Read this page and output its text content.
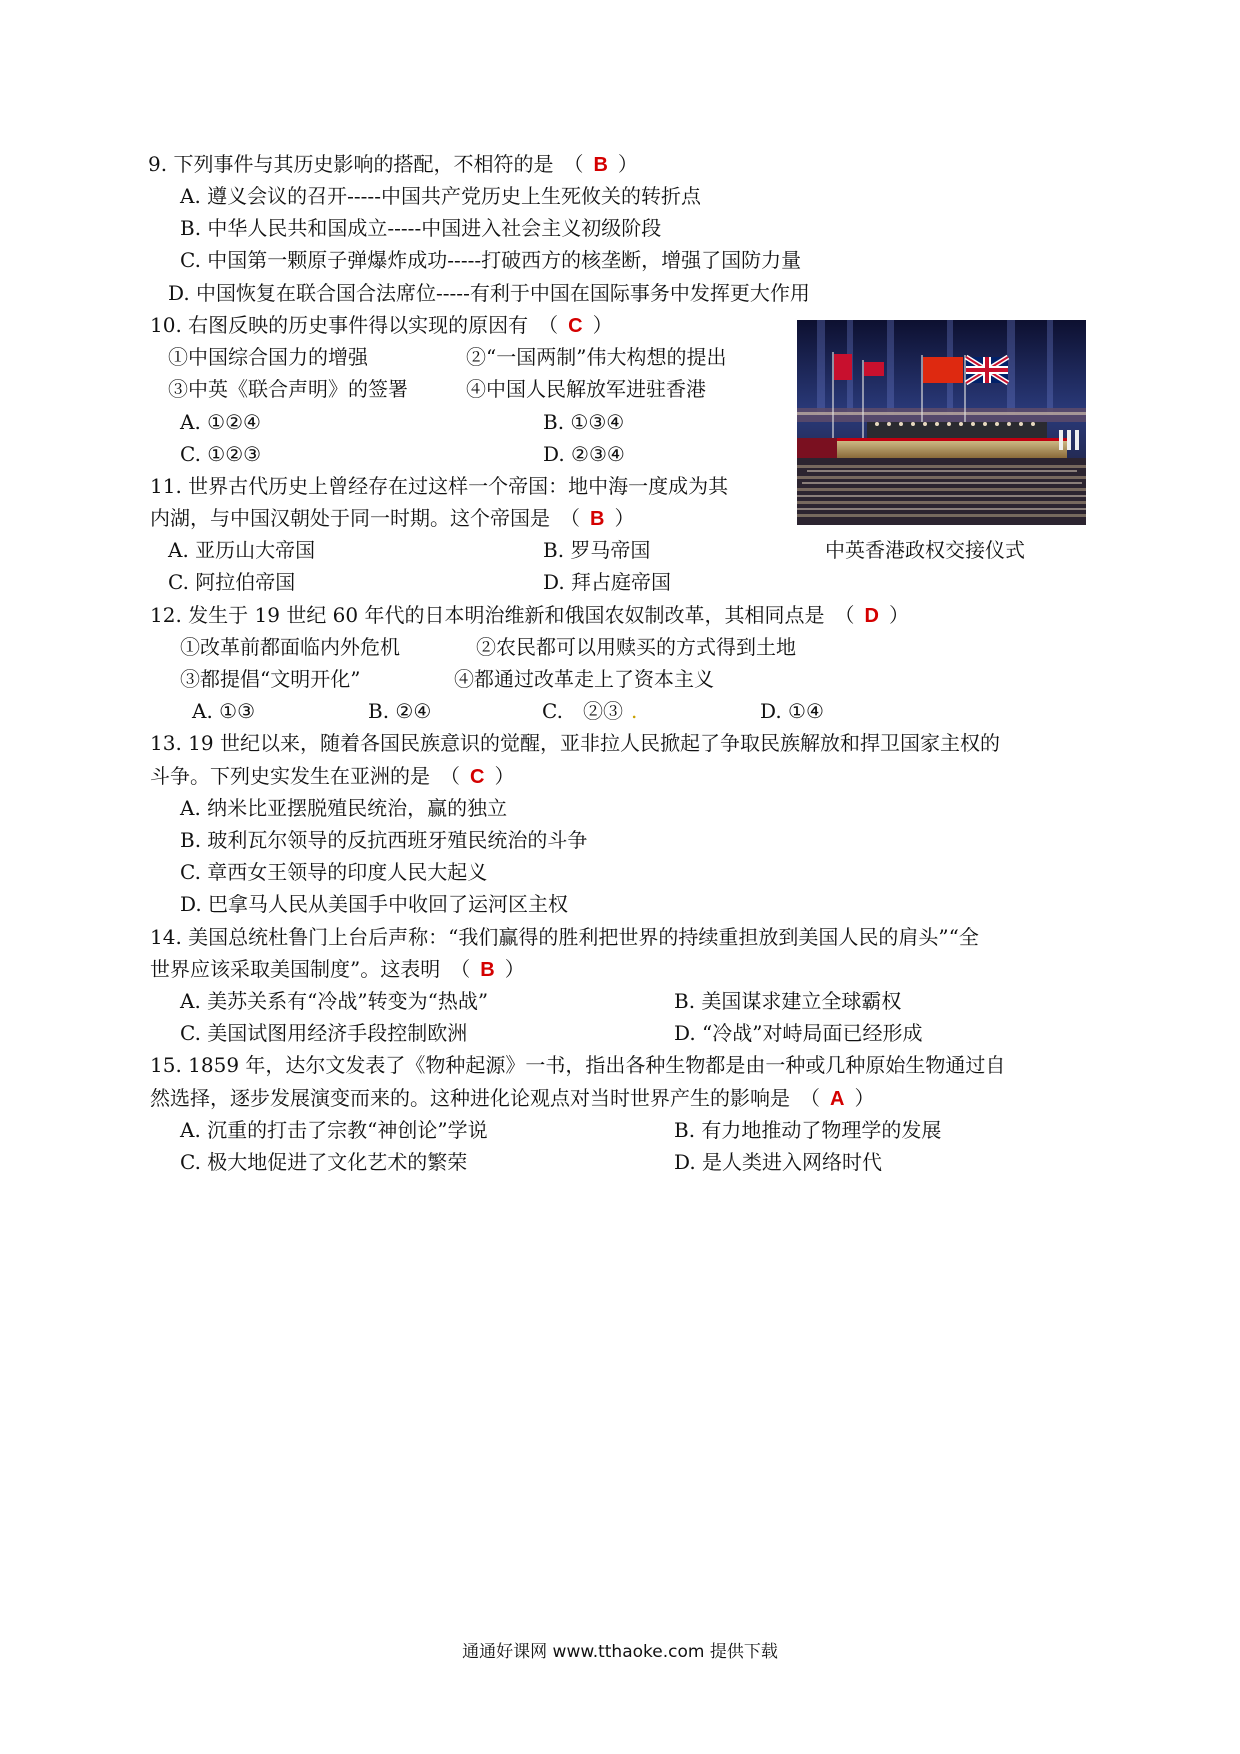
9. 下列事件与其历史影响的搭配，不相符的是　（ B ）
A. 遵义会议的召开-----中国共产党历史上生死攸关的转折点
B. 中华人民共和国成立-----中国进入社会主义初级阶段
C. 中国第一颗原子弹爆炸成功-----打破西方的核垄断，增强了国防力量
D. 中国恢复在联合国合法席位-----有利于中国在国际事务中发挥更大作用
10. 右图反映的历史事件得以实现的原因有　（ C ）
①中国综合国力的增强	②“一国两制”伟大构想的提出
③中英《联合声明》的签署	④中国人民解放军进驻香港
A. ①②④	B. ①③④
C. ①②③	D. ②③④
中英香港政权交接仪式
11. 世界古代历史上曾经存在过这样一个帝国：地中海一度成为其
内湖，与中国汉朝处于同一时期。这个帝国是　（ B ）
A. 亚历山大帝国	B. 罗马帝国
C. 阿拉伯帝国	D. 拜占庭帝国
12. 发生于 19 世纪 60 年代的日本明治维新和俄国农奴制改革，其相同点是　（ D ）
①改革前都面临内外危机	②农民都可以用赎买的方式得到土地
③都提倡“文明开化”	④都通过改革走上了资本主义
A. ①③	B. ②④	C.　②③ .	D. ①④
13. 19 世纪以来，随着各国民族意识的觉醒，亚非拉人民掀起了争取民族解放和捍卫国家主权的
斗争。下列史实发生在亚洲的是　（ C ）
A. 纳米比亚摆脱殖民统治，赢的独立
B. 玻利瓦尔领导的反抗西班牙殖民统治的斗争
C. 章西女王领导的印度人民大起义
D. 巴拿马人民从美国手中收回了运河区主权
14. 美国总统杜鲁门上台后声称：“我们赢得的胜利把世界的持续重担放到美国人民的肩头”“全
世界应该采取美国制度”。这表明　（ B ）
A. 美苏关系有“冷战”转变为“热战”	B. 美国谋求建立全球霸权
C. 美国试图用经济手段控制欧洲	D. “冷战”对峙局面已经形成
15. 1859 年，达尔文发表了《物种起源》一书，指出各种生物都是由一种或几种原始生物通过自
然选择，逐步发展演变而来的。这种进化论观点对当时世界产生的影响是　（ A ）
A. 沉重的打击了宗教“神创论”学说	B. 有力地推动了物理学的发展
C. 极大地促进了文化艺术的繁荣	D. 是人类进入网络时代
通通好课网 www.tthaoke.com 提供下载
